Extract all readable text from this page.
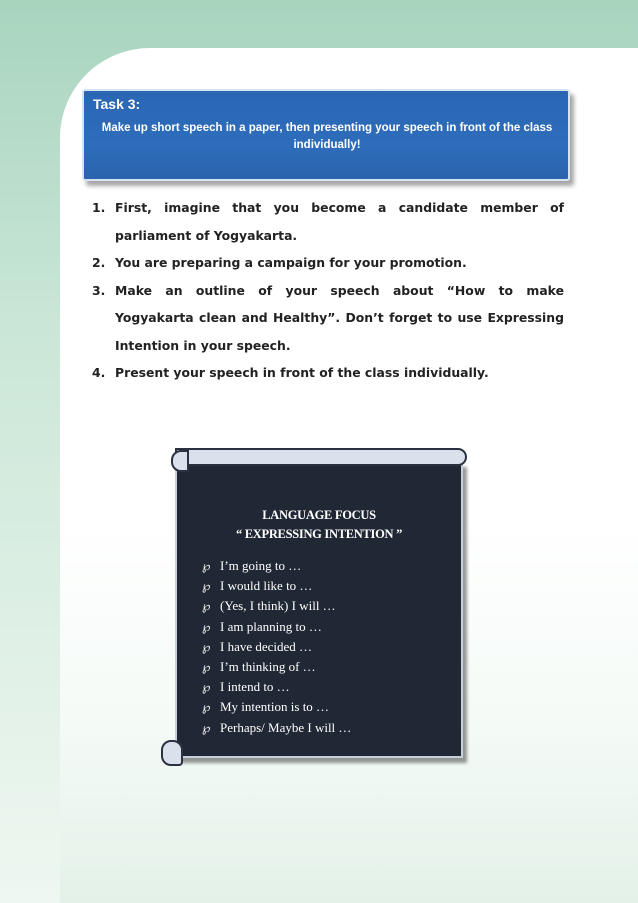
Task 3:
Make up short speech in a paper, then presenting your speech in front of the class individually!
1. First, imagine that you become a candidate member of parliament of Yogyakarta.
2. You are preparing a campaign for your promotion.
3. Make an outline of your speech about “How to make Yogyakarta clean and Healthy”. Don’t forget to use Expressing Intention in your speech.
4. Present your speech in front of the class individually.
LANGUAGE FOCUS
“ EXPRESSING INTENTION ”
℘ I’m going to …
℘ I would like to …
℘ (Yes, I think) I will …
℘ I am planning to …
℘ I have decided …
℘ I’m thinking of …
℘ I intend to …
℘ My intention is to …
℘ Perhaps/ Maybe I will …
